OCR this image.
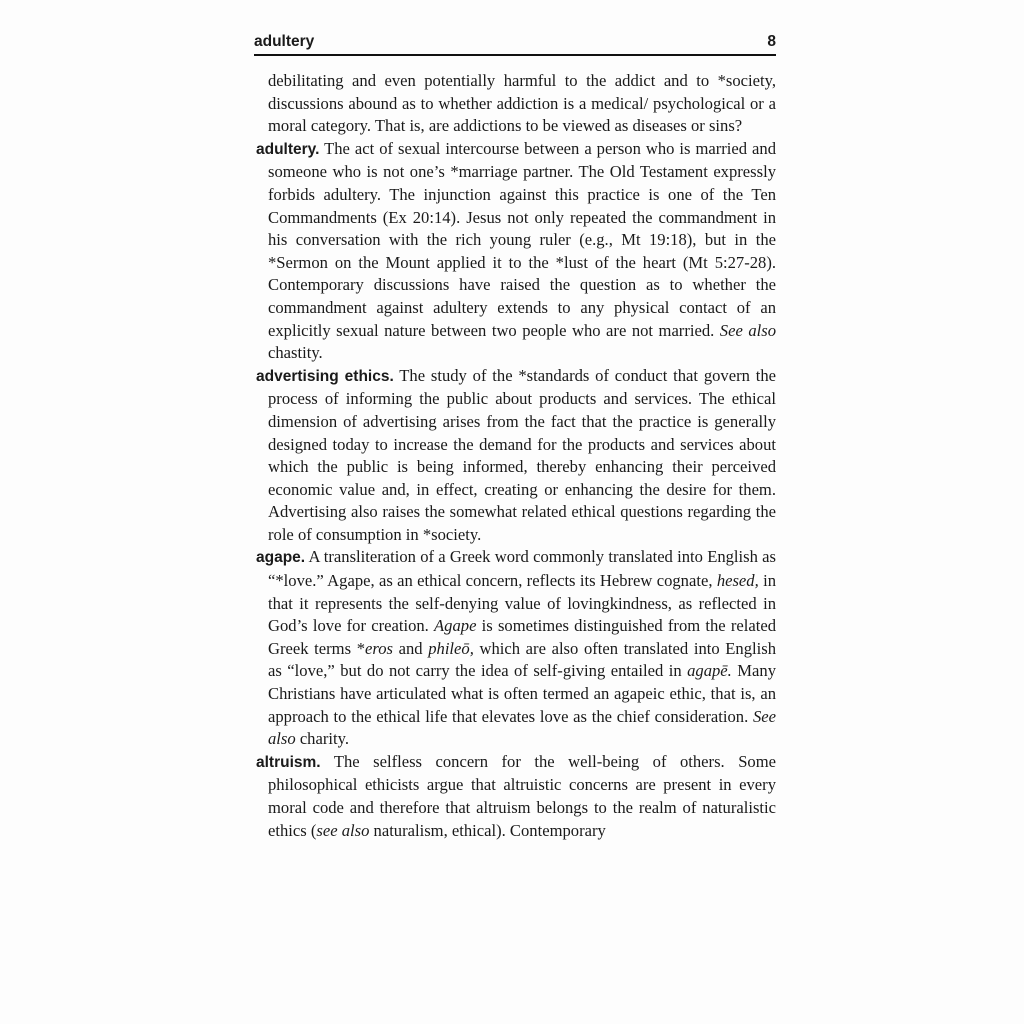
adultery	8

debilitating and even potentially harmful to the addict and to *society, discussions abound as to whether addiction is a medical/ psychological or a moral category. That is, are addictions to be viewed as diseases or sins?

adultery. The act of sexual intercourse between a person who is married and someone who is not one’s *marriage partner. The Old Testament expressly forbids adultery. The injunction against this practice is one of the Ten Commandments (Ex 20:14). Jesus not only repeated the commandment in his conversation with the rich young ruler (e.g., Mt 19:18), but in the *Sermon on the Mount applied it to the *lust of the heart (Mt 5:27-28). Contemporary discussions have raised the question as to whether the commandment against adultery extends to any physical contact of an explicitly sexual nature between two people who are not married. See also chastity.

advertising ethics. The study of the *standards of conduct that govern the process of informing the public about products and services. The ethical dimension of advertising arises from the fact that the practice is generally designed today to increase the demand for the products and services about which the public is being informed, thereby enhancing their perceived economic value and, in effect, creating or enhancing the desire for them. Advertising also raises the somewhat related ethical questions regarding the role of consumption in *society.

agape. A transliteration of a Greek word commonly translated into English as “*love.” Agape, as an ethical concern, reflects its Hebrew cognate, hesed, in that it represents the self-denying value of lovingkindness, as reflected in God’s love for creation. Agape is sometimes distinguished from the related Greek terms *eros and phileō, which are also often translated into English as “love,” but do not carry the idea of self-giving entailed in agapē. Many Christians have articulated what is often termed an agapeic ethic, that is, an approach to the ethical life that elevates love as the chief consideration. See also charity.

altruism. The selfless concern for the well-being of others. Some philosophical ethicists argue that altruistic concerns are present in every moral code and therefore that altruism belongs to the realm of naturalistic ethics (see also naturalism, ethical). Contemporary
